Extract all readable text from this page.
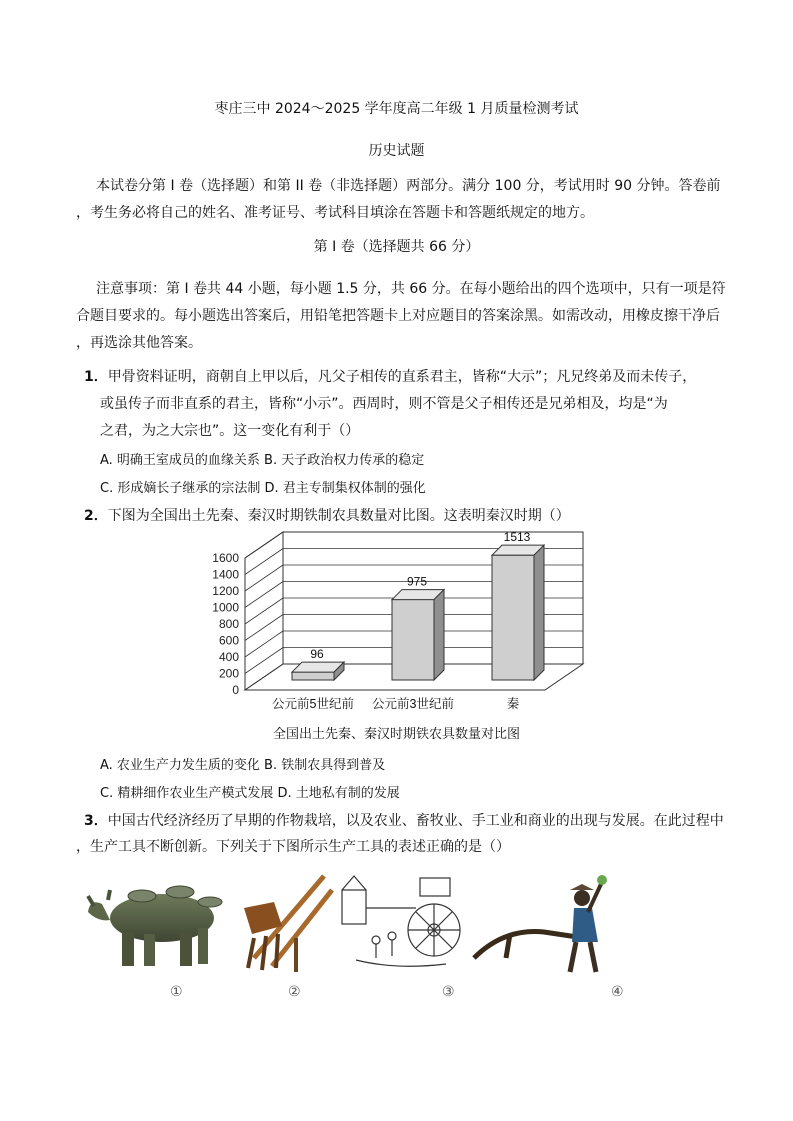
枣庄三中 2024～2025 学年度高二年级 1 月质量检测考试
历史试题
本试卷分第 I 卷（选择题）和第 II 卷（非选择题）两部分。满分 100 分，考试用时 90 分钟。答卷前
，考生务必将自己的姓名、准考证号、考试科目填涂在答题卡和答题纸规定的地方。
第 I 卷（选择题共 66 分）
注意事项：第 I 卷共 44 小题，每小题 1.5 分，共 66 分。在每小题给出的四个选项中，只有一项是符
合题目要求的。每小题选出答案后，用铅笔把答题卡上对应题目的答案涂黑。如需改动，用橡皮擦干净后
，再选涂其他答案。
1．甲骨资料证明，商朝自上甲以后，凡父子相传的直系君主，皆称“大示”；凡兄终弟及而未传子，
或虽传子而非直系的君主，皆称“小示”。西周时，则不管是父子相传还是兄弟相及，均是“为
之君，为之大宗也”。这一变化有利于（）
A. 明确王室成员的血缘关系 B. 天子政治权力传承的稳定
C. 形成嫡长子继承的宗法制 D. 君主专制集权体制的强化
2．下图为全国出土先秦、秦汉时期铁制农具数量对比图。这表明秦汉时期（）
0
200
400
600
800
1000
1200
1400
1600
96
公元前5世纪前
975
公元前3世纪前
1513
秦
全国出土先秦、秦汉时期铁农具数量对比图
A. 农业生产力发生质的变化 B. 铁制农具得到普及
C. 精耕细作农业生产模式发展 D. 土地私有制的发展
3．中国古代经济经历了早期的作物栽培，以及农业、畜牧业、手工业和商业的出现与发展。在此过程中
，生产工具不断创新。下列关于下图所示生产工具的表述正确的是（）
①	②	③	④
